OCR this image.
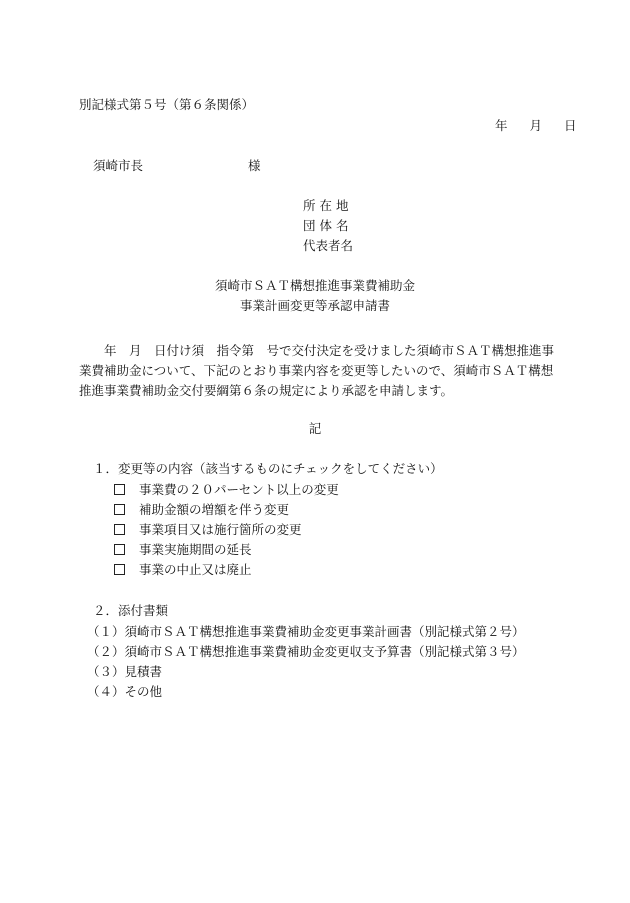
別記様式第５号（第６条関係）
年 月 日
須崎市長	様
所在地
団体名
代表者名
須崎市ＳＡＴ構想推進事業費補助金
事業計画変更等承認申請書
　年　月　日付け須　指令第　号で交付決定を受けました須崎市ＳＡＴ構想推進事業費補助金について、下記のとおり事業内容を変更等したいので、須崎市ＳＡＴ構想推進事業費補助金交付要綱第６条の規定により承認を申請します。
記
１．変更等の内容（該当するものにチェックをしてください）
事業費の２０パーセント以上の変更
補助金額の増額を伴う変更
事業項目又は施行箇所の変更
事業実施期間の延長
事業の中止又は廃止
２．添付書類
（１）須崎市ＳＡＴ構想推進事業費補助金変更事業計画書（別記様式第２号）
（２）須崎市ＳＡＴ構想推進事業費補助金変更収支予算書（別記様式第３号）
（３）見積書
（４）その他
